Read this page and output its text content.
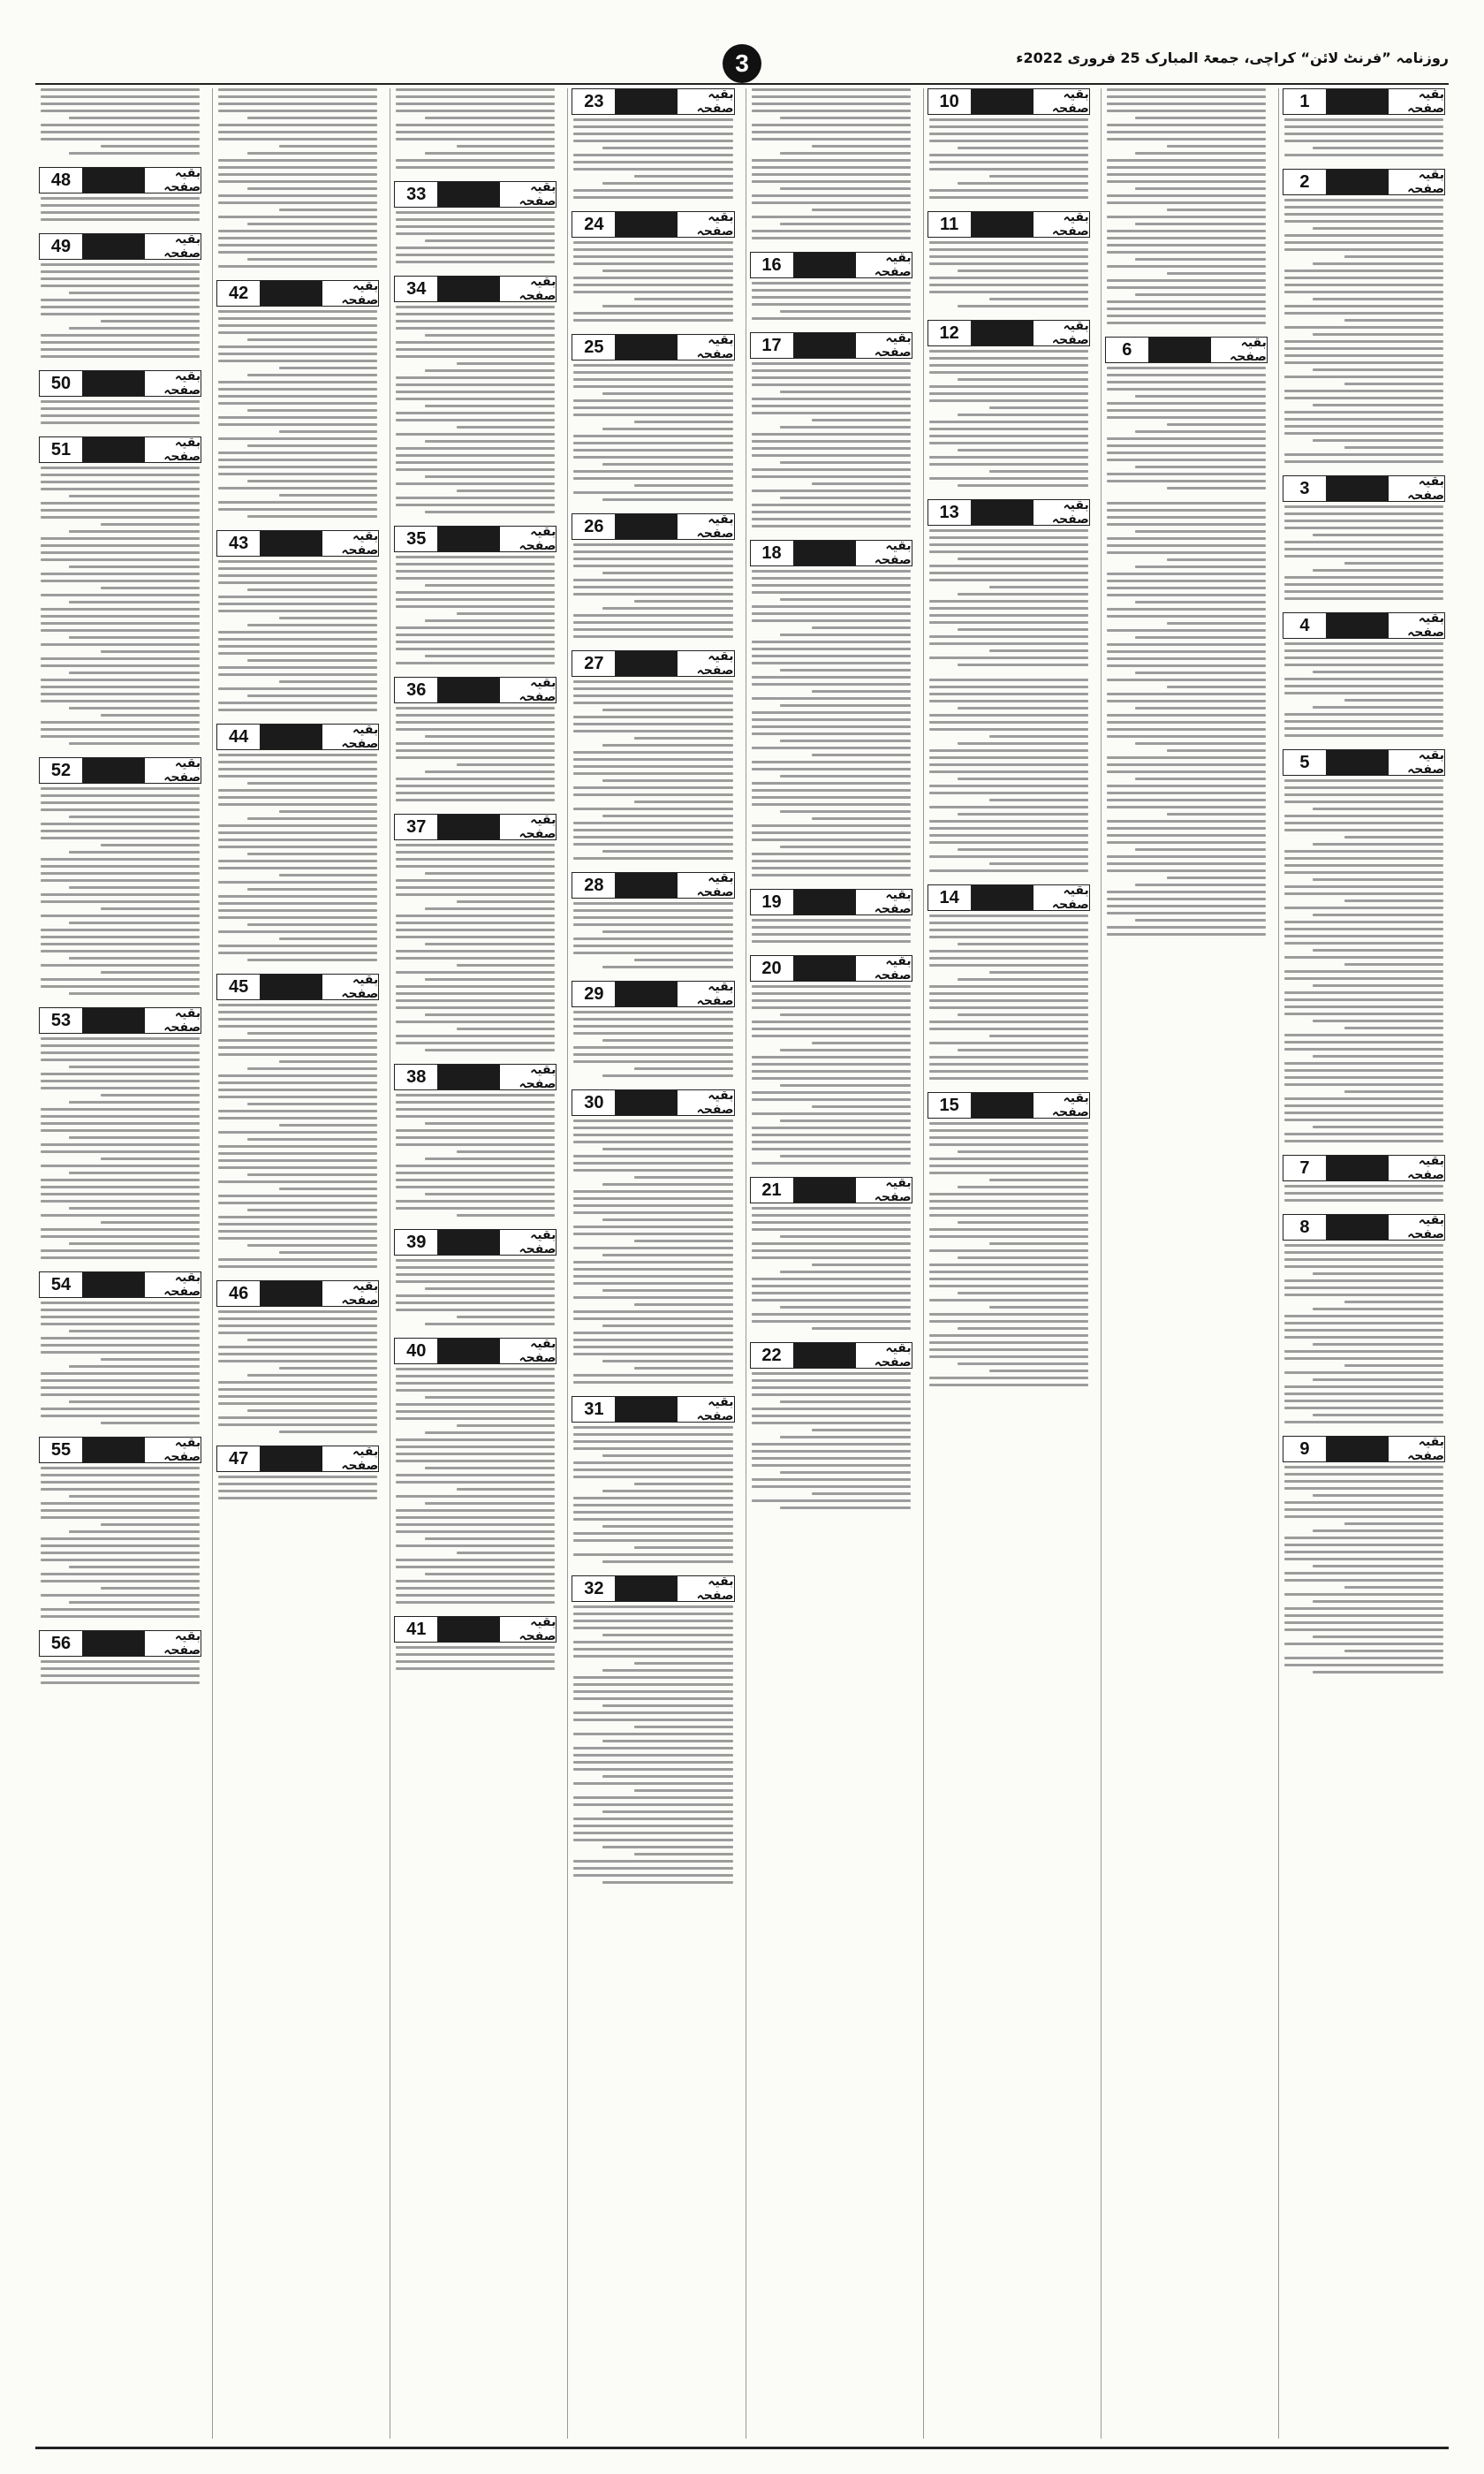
3	روزنامہ ”فرنٹ لائن“ کراچی، جمعۃ المبارک 25 فروری 2022ء
بقیہ صفحہ
1
بقیہ صفحہ
2
بقیہ صفحہ
3
بقیہ صفحہ
4
بقیہ صفحہ
5
بقیہ صفحہ
7
بقیہ صفحہ
8
بقیہ صفحہ
9
بقیہ صفحہ
6
بقیہ صفحہ
10
بقیہ صفحہ
11
بقیہ صفحہ
12
بقیہ صفحہ
13
بقیہ صفحہ
14
بقیہ صفحہ
15
بقیہ صفحہ
16
بقیہ صفحہ
17
بقیہ صفحہ
18
بقیہ صفحہ
19
بقیہ صفحہ
20
بقیہ صفحہ
21
بقیہ صفحہ
22
بقیہ صفحہ
23
بقیہ صفحہ
24
بقیہ صفحہ
25
بقیہ صفحہ
26
بقیہ صفحہ
27
بقیہ صفحہ
28
بقیہ صفحہ
29
بقیہ صفحہ
30
بقیہ صفحہ
31
بقیہ صفحہ
32
بقیہ صفحہ
33
بقیہ صفحہ
34
بقیہ صفحہ
35
بقیہ صفحہ
36
بقیہ صفحہ
37
بقیہ صفحہ
38
بقیہ صفحہ
39
بقیہ صفحہ
40
بقیہ صفحہ
41
بقیہ صفحہ
42
بقیہ صفحہ
43
بقیہ صفحہ
44
بقیہ صفحہ
45
بقیہ صفحہ
46
بقیہ صفحہ
47
بقیہ صفحہ
48
بقیہ صفحہ
49
بقیہ صفحہ
50
بقیہ صفحہ
51
بقیہ صفحہ
52
بقیہ صفحہ
53
بقیہ صفحہ
54
بقیہ صفحہ
55
بقیہ صفحہ
56
